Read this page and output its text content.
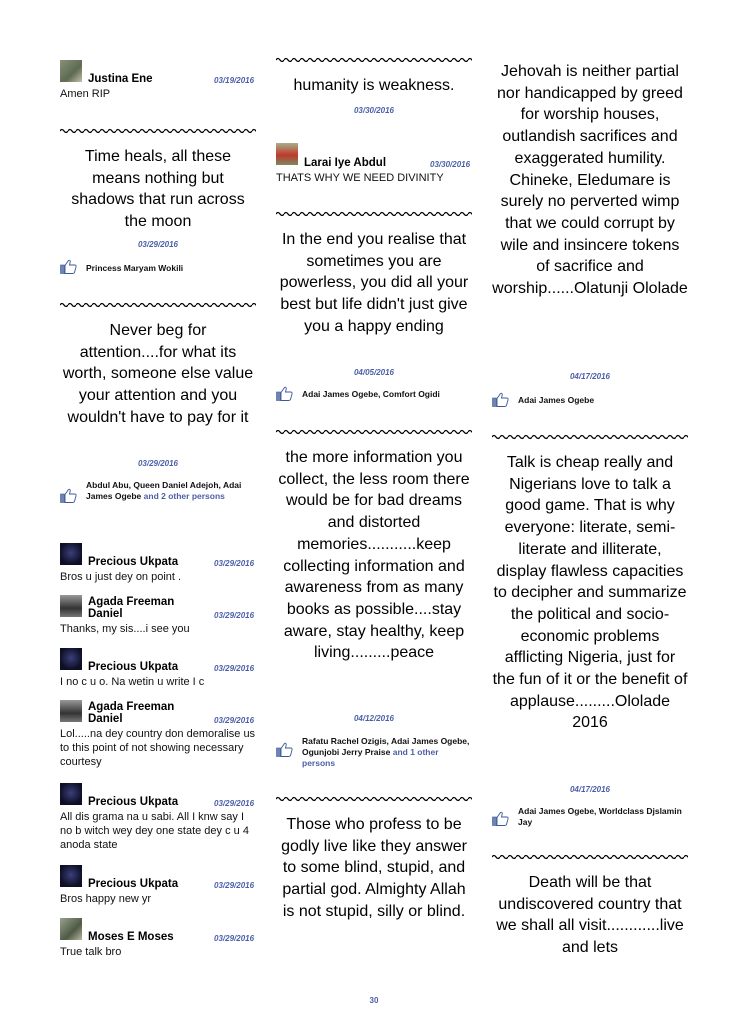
Justina Ene	03/19/2016
Amen RIP
Time heals, all these means nothing but shadows that run across the moon
03/29/2016
Princess Maryam Wokili
Never beg for attention....for what its worth, someone else value your attention and you wouldn't have to pay for it
03/29/2016
Abdul Abu, Queen Daniel Adejoh, Adai James Ogebe and 2 other persons
Precious Ukpata	03/29/2016
Bros u just dey on point .
Agada Freeman Daniel	03/29/2016
Thanks, my sis....i see you
Precious Ukpata	03/29/2016
I no c u o. Na wetin u write I c
Agada Freeman Daniel	03/29/2016
Lol.....na dey country don demoralise us to this point of not showing necessary courtesy
Precious Ukpata	03/29/2016
All dis grama na u sabi. All I knw say I no b witch wey dey one state dey c u 4 anoda state
Precious Ukpata	03/29/2016
Bros happy new yr
Moses E Moses	03/29/2016
True talk bro
humanity is weakness.
03/30/2016
Larai Iye Abdul	03/30/2016
THATS WHY WE NEED DIVINITY
In the end you realise that sometimes you are powerless, you did all your best but life didn't just give you a happy ending
04/05/2016
Adai James Ogebe, Comfort Ogidi
the more information you collect, the less room there would be for bad dreams and distorted memories...........keep collecting information and awareness from as many books as possible....stay aware, stay healthy, keep living.........peace
04/12/2016
Rafatu Rachel Ozigis, Adai James Ogebe, Ogunjobi Jerry Praise and 1 other persons
Those who profess to be godly live like they answer to some blind, stupid, and partial god. Almighty Allah is not stupid, silly or blind.
Jehovah is neither partial nor handicapped by greed for worship houses, outlandish sacrifices and exaggerated humility. Chineke, Eledumare is surely no perverted wimp that we could corrupt by wile and insincere tokens of sacrifice and worship......Olatunji Ololade
04/17/2016
Adai James Ogebe
Talk is cheap really and Nigerians love to talk a good game. That is why everyone: literate, semi-literate and illiterate, display flawless capacities to decipher and summarize the political and socio-economic problems afflicting Nigeria, just for the fun of it or the benefit of applause.........Ololade 2016
04/17/2016
Adai James Ogebe, Worldclass Djslamin Jay
Death will be that undiscovered country that we shall all visit............live and lets
30
